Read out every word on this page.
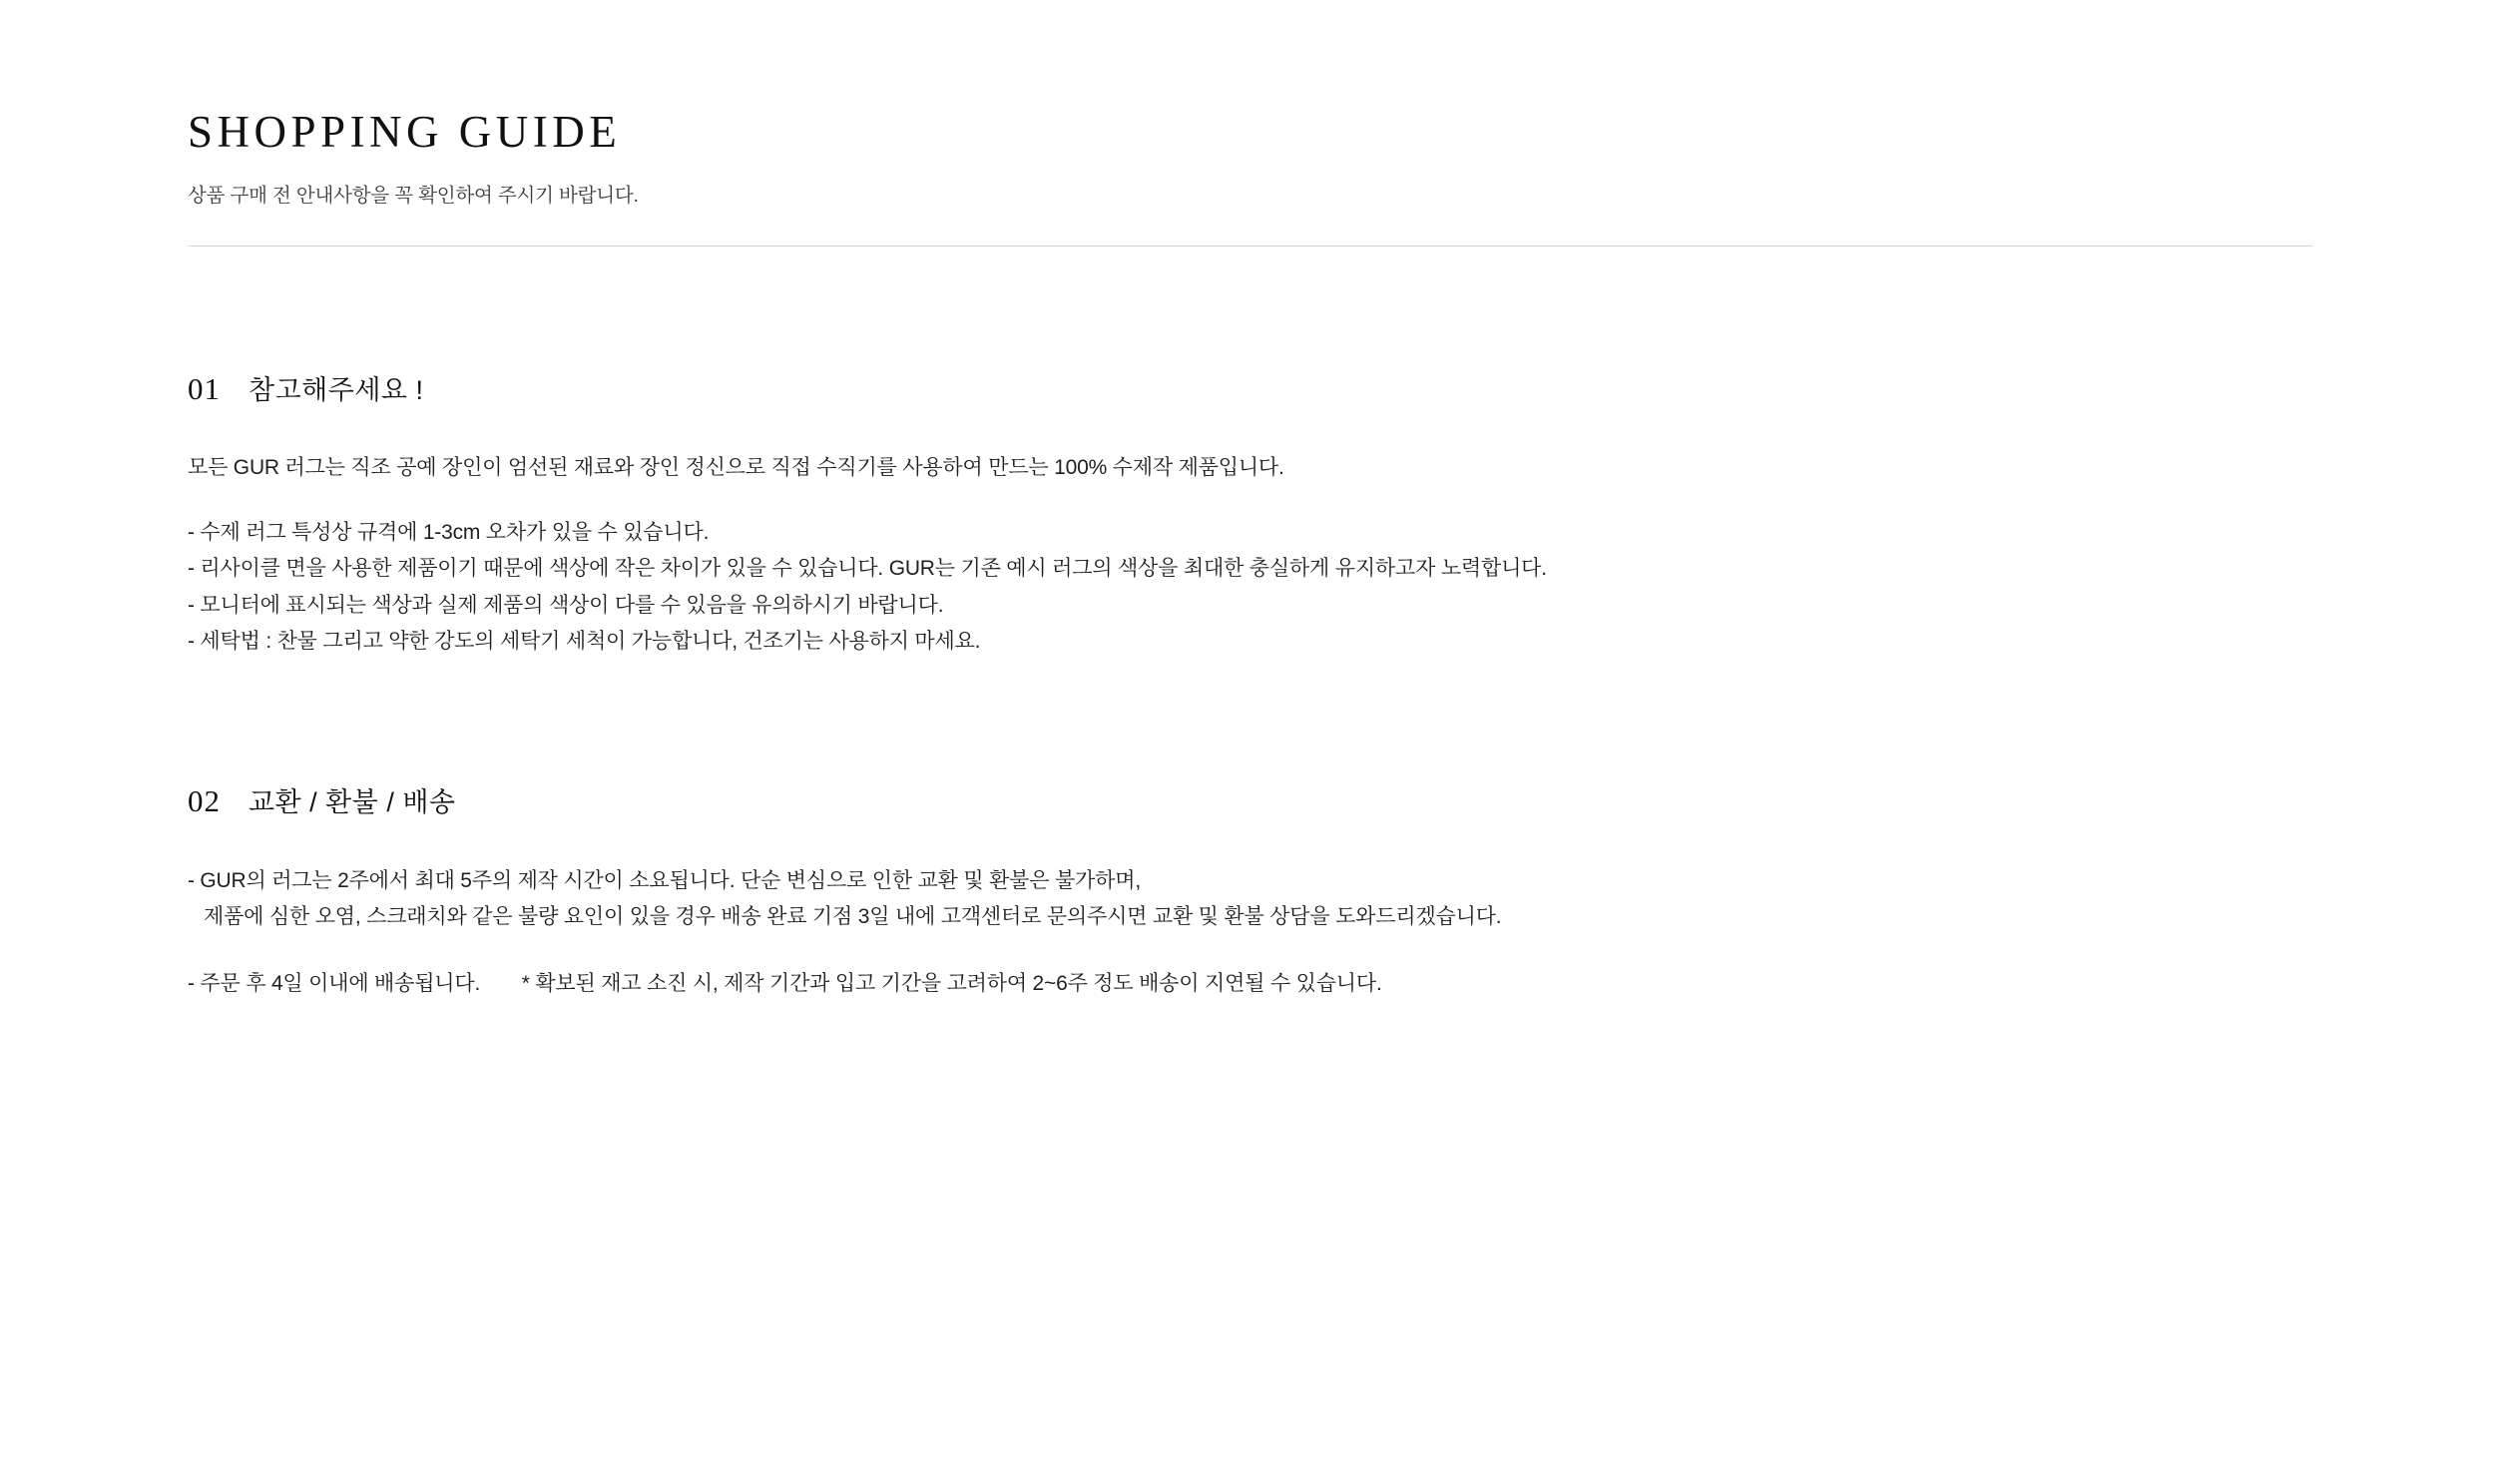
SHOPPING GUIDE

상품 구매 전 안내사항을 꼭 확인하여 주시기 바랍니다.

01 참고해주세요 !

모든 GUR 러그는 직조 공예 장인이 엄선된 재료와 장인 정신으로 직접 수직기를 사용하여 만드는 100% 수제작 제품입니다.

- 수제 러그 특성상 규격에 1-3cm 오차가 있을 수 있습니다.
- 리사이클 면을 사용한 제품이기 때문에 색상에 작은 차이가 있을 수 있습니다. GUR는 기존 예시 러그의 색상을 최대한 충실하게 유지하고자 노력합니다.
- 모니터에 표시되는 색상과 실제 제품의 색상이 다를 수 있음을 유의하시기 바랍니다.
- 세탁법 : 찬물 그리고 약한 강도의 세탁기 세척이 가능합니다, 건조기는 사용하지 마세요.
02 교환 / 환불 / 배송
- GUR의 러그는 2주에서 최대 5주의 제작 시간이 소요됩니다. 단순 변심으로 인한 교환 및 환불은 불가하며,
제품에 심한 오염, 스크래치와 같은 불량 요인이 있을 경우 배송 완료 기점 3일 내에 고객센터로 문의주시면 교환 및 환불 상담을 도와드리겠습니다.
- 주문 후 4일 이내에 배송됩니다.　　* 확보된 재고 소진 시, 제작 기간과 입고 기간을 고려하여 2~6주 정도 배송이 지연될 수 있습니다.
